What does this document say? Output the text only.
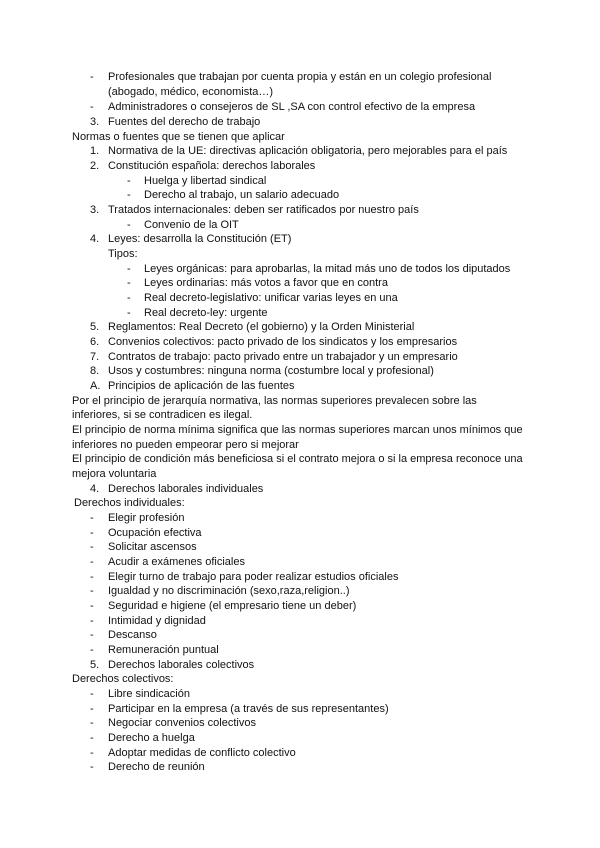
- Profesionales que trabajan por cuenta propia y están en un colegio profesional
(abogado, médico, economista…)
- Administradores o consejeros de SL ,SA con control efectivo de la empresa
3. Fuentes del derecho de trabajo
Normas o fuentes que se tienen que aplicar
1. Normativa de la UE: directivas aplicación obligatoria, pero mejorables para el país
2. Constitución española: derechos laborales
- Huelga y libertad sindical
- Derecho al trabajo, un salario adecuado
3. Tratados internacionales: deben ser ratificados por nuestro país
- Convenio de la OIT
4. Leyes: desarrolla la Constitución (ET)
Tipos:
- Leyes orgánicas: para aprobarlas, la mitad más uno de todos los diputados
- Leyes ordinarias: más votos a favor que en contra
- Real decreto-legislativo: unificar varias leyes en una
- Real decreto-ley: urgente
5. Reglamentos: Real Decreto (el gobierno) y la Orden Ministerial
6. Convenios colectivos: pacto privado de los sindicatos y los empresarios
7. Contratos de trabajo: pacto privado entre un trabajador y un empresario
8. Usos y costumbres: ninguna norma (costumbre local y profesional)
A. Principios de aplicación de las fuentes
Por el principio de jerarquía normativa, las normas superiores prevalecen sobre las
inferiores, si se contradicen es ilegal.
El principio de norma mínima significa que las normas superiores marcan unos mínimos que
inferiores no pueden empeorar pero si mejorar
El principio de condición más beneficiosa si el contrato mejora o si la empresa reconoce una
mejora voluntaria
4. Derechos laborales individuales
Derechos individuales:
- Elegir profesión
- Ocupación efectiva
- Solicitar ascensos
- Acudir a exámenes oficiales
- Elegir turno de trabajo para poder realizar estudios oficiales
- Igualdad y no discriminación (sexo,raza,religion..)
- Seguridad e higiene (el empresario tiene un deber)
- Intimidad y dignidad
- Descanso
- Remuneración puntual
5. Derechos laborales colectivos
Derechos colectivos:
- Libre sindicación
- Participar en la empresa (a través de sus representantes)
- Negociar convenios colectivos
- Derecho a huelga
- Adoptar medidas de conflicto colectivo
- Derecho de reunión
